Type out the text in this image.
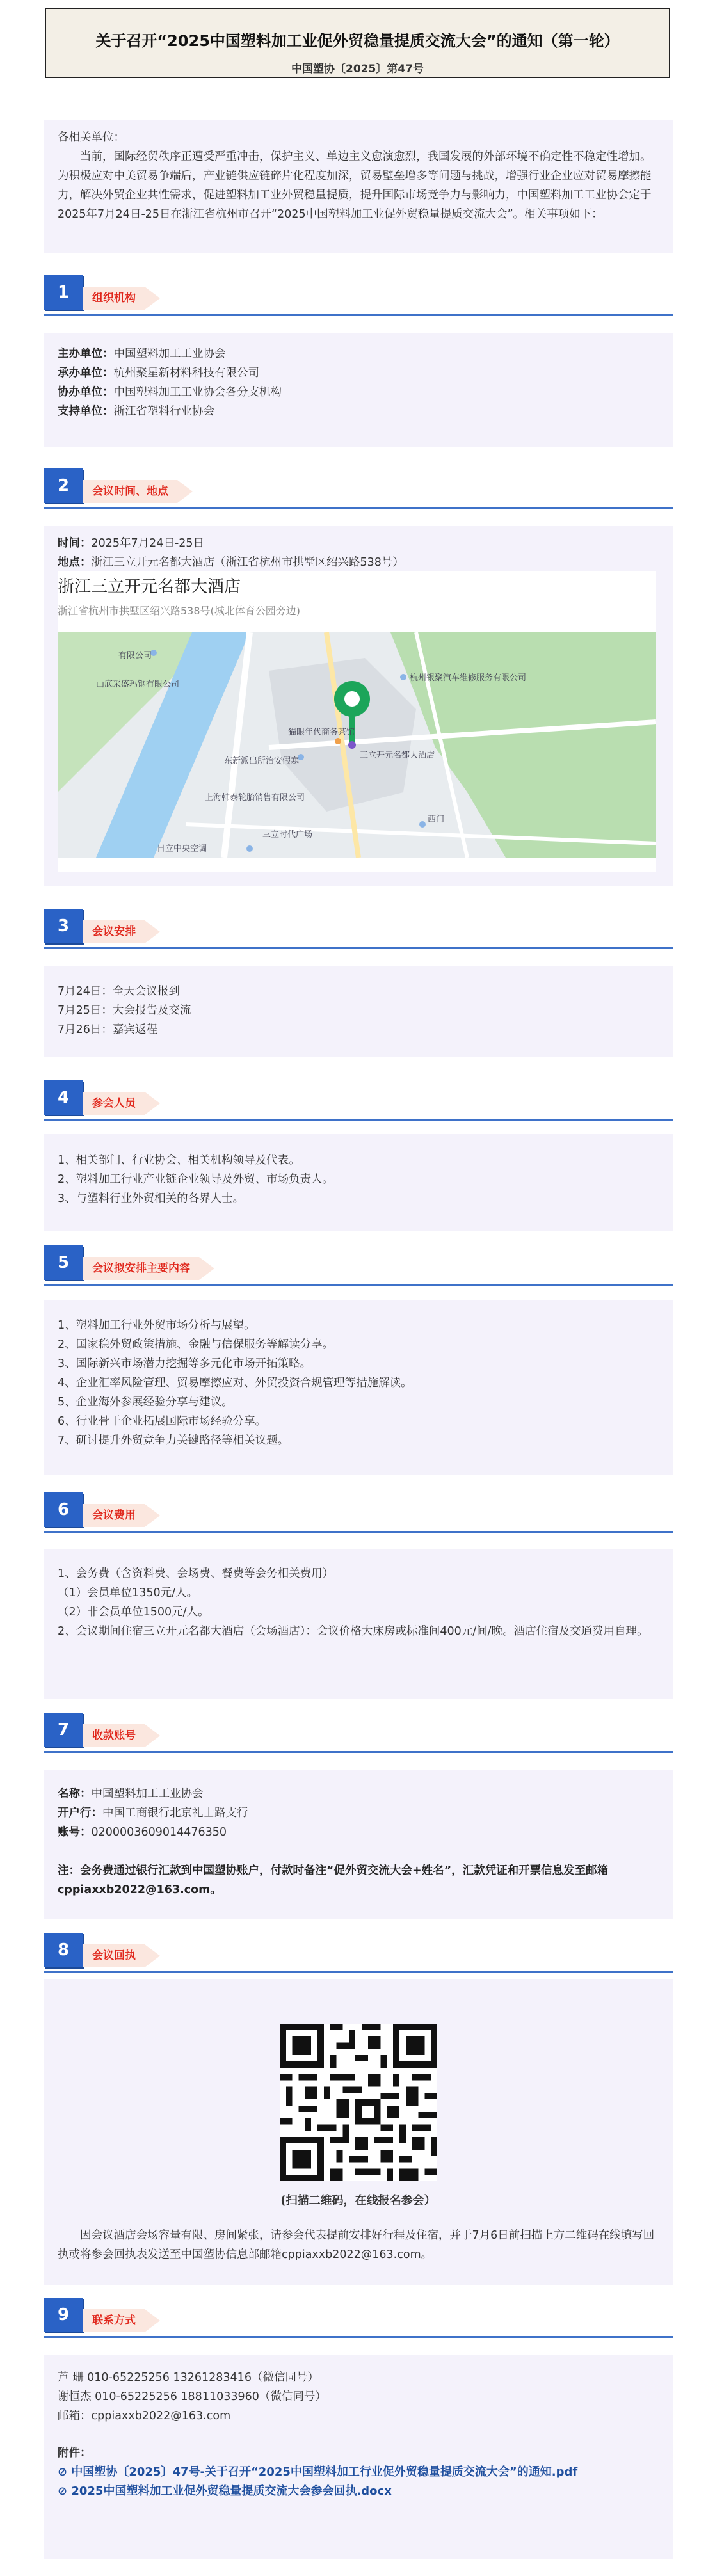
关于召开“2025中国塑料加工业促外贸稳量提质交流大会”的通知（第一轮）
中国塑协〔2025〕第47号

各相关单位：

当前，国际经贸秩序正遭受严重冲击，保护主义、单边主义愈演愈烈，我国发展的外部环境不确定性不稳定性增加。为积极应对中美贸易争端后，产业链供应链碎片化程度加深，贸易壁垒增多等问题与挑战，增强行业企业应对贸易摩擦能力，解决外贸企业共性需求，促进塑料加工业外贸稳量提质，提升国际市场竞争力与影响力，中国塑料加工工业协会定于2025年7月24日-25日在浙江省杭州市召开“2025中国塑料加工业促外贸稳量提质交流大会”。相关事项如下：

1	组织机构

主办单位：中国塑料加工工业协会

承办单位：杭州聚星新材料科技有限公司

协办单位：中国塑料加工工业协会各分支机构

支持单位：浙江省塑料行业协会

2	会议时间、地点

时间：2025年7月24日-25日

地点：浙江三立开元名都大酒店（浙江省杭州市拱墅区绍兴路538号）

浙江三立开元名都大酒店
浙江省杭州市拱墅区绍兴路538号(城北体育公园旁边)
有限公司
山底采盛玛钢有限公司
杭州银聚汽车维修服务有限公司
猫眼年代商务茶馆
三立开元名都大酒店
东新派出所治安假寒
上海韩泰轮胎销售有限公司
日立中央空调
三立时代广场
西门
3	会议安排

7月24日：全天会议报到

7月25日：大会报告及交流

7月26日：嘉宾返程

4	参会人员

1、相关部门、行业协会、相关机构领导及代表。

2、塑料加工行业产业链企业领导及外贸、市场负责人。

3、与塑料行业外贸相关的各界人士。

5	会议拟安排主要内容

1、塑料加工行业外贸市场分析与展望。

2、国家稳外贸政策措施、金融与信保服务等解读分享。

3、国际新兴市场潜力挖掘等多元化市场开拓策略。

4、企业汇率风险管理、贸易摩擦应对、外贸投资合规管理等措施解读。

5、企业海外参展经验分享与建议。

6、行业骨干企业拓展国际市场经验分享。

7、研讨提升外贸竞争力关键路径等相关议题。

6	会议费用

1、会务费（含资料费、会场费、餐费等会务相关费用）

（1）会员单位1350元/人。

（2）非会员单位1500元/人。

2、会议期间住宿三立开元名都大酒店（会场酒店）：会议价格大床房或标准间400元/间/晚。酒店住宿及交通费用自理。

7	收款账号

名称：中国塑料加工工业协会

开户行：中国工商银行北京礼士路支行

账号：0200003609014476350

注：会务费通过银行汇款到中国塑协账户，付款时备注“促外贸交流大会+姓名”，汇款凭证和开票信息发至邮箱cppiaxxb2022@163.com。

8	会议回执
(扫描二维码，在线报名参会）

因会议酒店会场容量有限、房间紧张，请参会代表提前安排好行程及住宿，并于7月6日前扫描上方二维码在线填写回执或将参会回执表发送至中国塑协信息部邮箱cppiaxxb2022@163.com。

9	联系方式

芦 珊 010-65225256 13261283416（微信同号）

谢恒杰 010-65225256 18811033960（微信同号）

邮箱：cppiaxxb2022@163.com

附件：

⊘ 中国塑协〔2025〕47号-关于召开“2025中国塑料加工行业促外贸稳量提质交流大会”的通知.pdf

⊘ 2025中国塑料加工业促外贸稳量提质交流大会参会回执.docx
